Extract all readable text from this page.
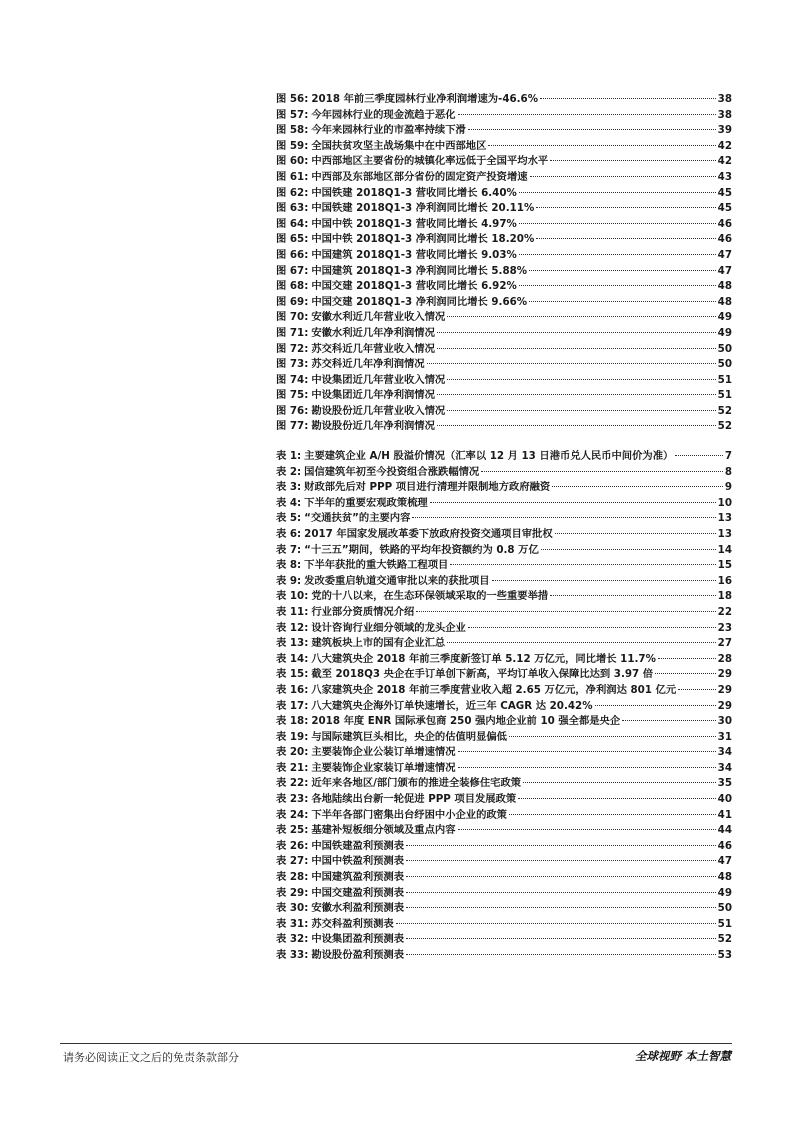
图 56: 2018 年前三季度园林行业净利润增速为-46.6%	38
图 57: 今年园林行业的现金流趋于恶化	38
图 58: 今年来园林行业的市盈率持续下滑	39
图 59: 全国扶贫攻坚主战场集中在中西部地区	42
图 60: 中西部地区主要省份的城镇化率远低于全国平均水平	42
图 61: 中西部及东部地区部分省份的固定资产投资增速	43
图 62: 中国铁建 2018Q1-3 营收同比增长 6.40%	45
图 63: 中国铁建 2018Q1-3 净利润同比增长 20.11%	45
图 64: 中国中铁 2018Q1-3 营收同比增长 4.97%	46
图 65: 中国中铁 2018Q1-3 净利润同比增长 18.20%	46
图 66: 中国建筑 2018Q1-3 营收同比增长 9.03%	47
图 67: 中国建筑 2018Q1-3 净利润同比增长 5.88%	47
图 68: 中国交建 2018Q1-3 营收同比增长 6.92%	48
图 69: 中国交建 2018Q1-3 净利润同比增长 9.66%	48
图 70: 安徽水利近几年营业收入情况	49
图 71: 安徽水利近几年净利润情况	49
图 72: 苏交科近几年营业收入情况	50
图 73: 苏交科近几年净利润情况	50
图 74: 中设集团近几年营业收入情况	51
图 75: 中设集团近几年净利润情况	51
图 76: 勘设股份近几年营业收入情况	52
图 77: 勘设股份近几年净利润情况	52
表 1: 主要建筑企业 A/H 股溢价情况（汇率以 12 月 13 日港币兑人民币中间价为准）	7
表 2: 国信建筑年初至今投资组合涨跌幅情况	8
表 3: 财政部先后对 PPP 项目进行清理并限制地方政府融资	9
表 4: 下半年的重要宏观政策梳理	10
表 5: “交通扶贫”的主要内容	13
表 6: 2017 年国家发展改革委下放政府投资交通项目审批权	13
表 7: “十三五”期间，铁路的平均年投资额约为 0.8 万亿	14
表 8: 下半年获批的重大铁路工程项目	15
表 9: 发改委重启轨道交通审批以来的获批项目	16
表 10: 党的十八以来，在生态环保领域采取的一些重要举措	18
表 11: 行业部分资质情况介绍	22
表 12: 设计咨询行业细分领域的龙头企业	23
表 13: 建筑板块上市的国有企业汇总	27
表 14: 八大建筑央企 2018 年前三季度新签订单 5.12 万亿元，同比增长 11.7%	28
表 15: 截至 2018Q3 央企在手订单创下新高，平均订单收入保障比达到 3.97 倍	29
表 16: 八家建筑央企 2018 年前三季度营业收入超 2.65 万亿元，净利润达 801 亿元	29
表 17: 八大建筑央企海外订单快速增长，近三年 CAGR 达 20.42%	29
表 18: 2018 年度 ENR 国际承包商 250 强内地企业前 10 强全都是央企	30
表 19: 与国际建筑巨头相比，央企的估值明显偏低	31
表 20: 主要装饰企业公装订单增速情况	34
表 21: 主要装饰企业家装订单增速情况	34
表 22: 近年来各地区/部门颁布的推进全装修住宅政策	35
表 23: 各地陆续出台新一轮促进 PPP 项目发展政策	40
表 24: 下半年各部门密集出台纾困中小企业的政策	41
表 25: 基建补短板细分领域及重点内容	44
表 26: 中国铁建盈利预测表	46
表 27: 中国中铁盈利预测表	47
表 28: 中国建筑盈利预测表	48
表 29: 中国交建盈利预测表	49
表 30: 安徽水利盈利预测表	50
表 31: 苏交科盈利预测表	51
表 32: 中设集团盈利预测表	52
表 33: 勘设股份盈利预测表	53
请务必阅读正文之后的免责条款部分	全球视野 本土智慧
